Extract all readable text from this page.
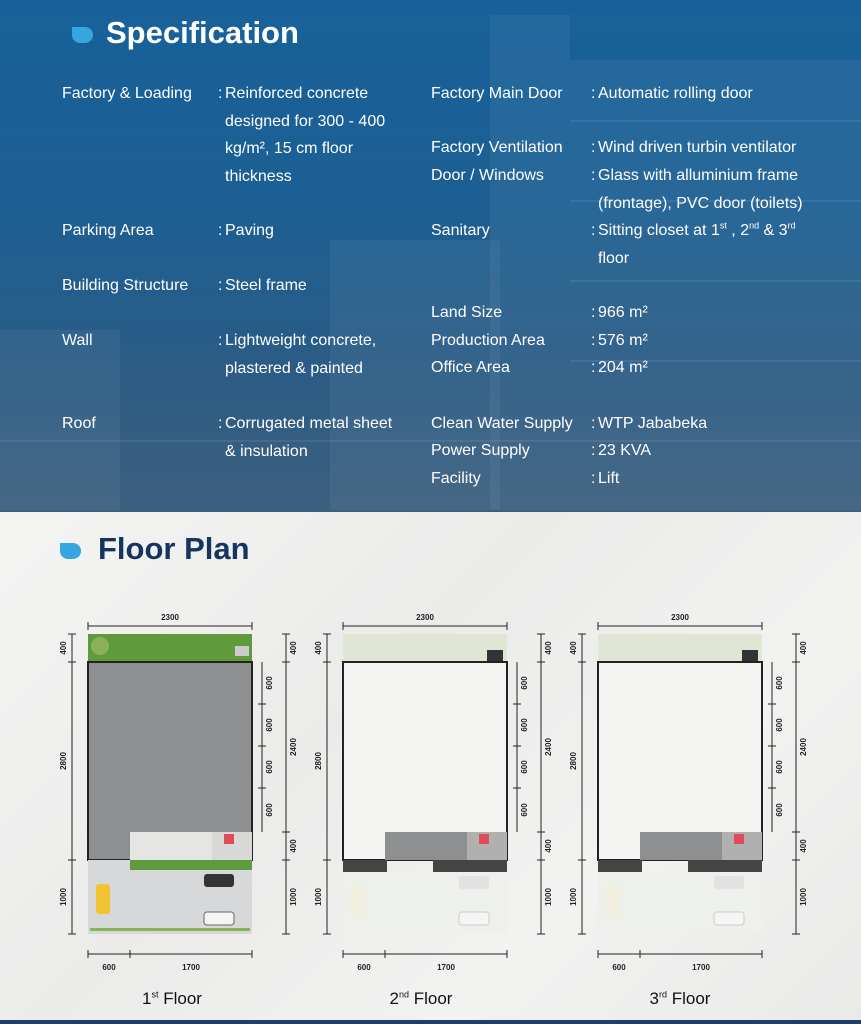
Specification
Factory & Loading : Reinforced concrete
designed for 300 - 400
kg/m², 15 cm floor
thickness
Parking Area	: Paving
Building Structure : Steel frame
Wall	: Lightweight concrete,
plastered & painted
Roof	: Corrugated metal sheet
& insulation
Factory Main Door : Automatic rolling door
Factory Ventilation : Wind driven turbin ventilator
Door / Windows	: Glass with alluminium frame
(frontage), PVC door (toilets)
Sanitary	: Sitting closet at 1st , 2nd & 3rd
floor
Land Size	: 966 m²
Production Area	: 576 m²
Office Area	: 204 m²
Clean Water Supply : WTP Jababeka
Power Supply	: 23 KVA
Facility	: Lift
Floor Plan
2300
400
2800
1000
400
2400
400
1000
600
600
600
600
600	1700
2300
400
2800
1000
400
2400
400
1000
600
600
600
600
600	1700
2300
400
2800
1000
400
2400
400
1000
600
600
600
600
600	1700
1st Floor	2nd Floor	3rd Floor
